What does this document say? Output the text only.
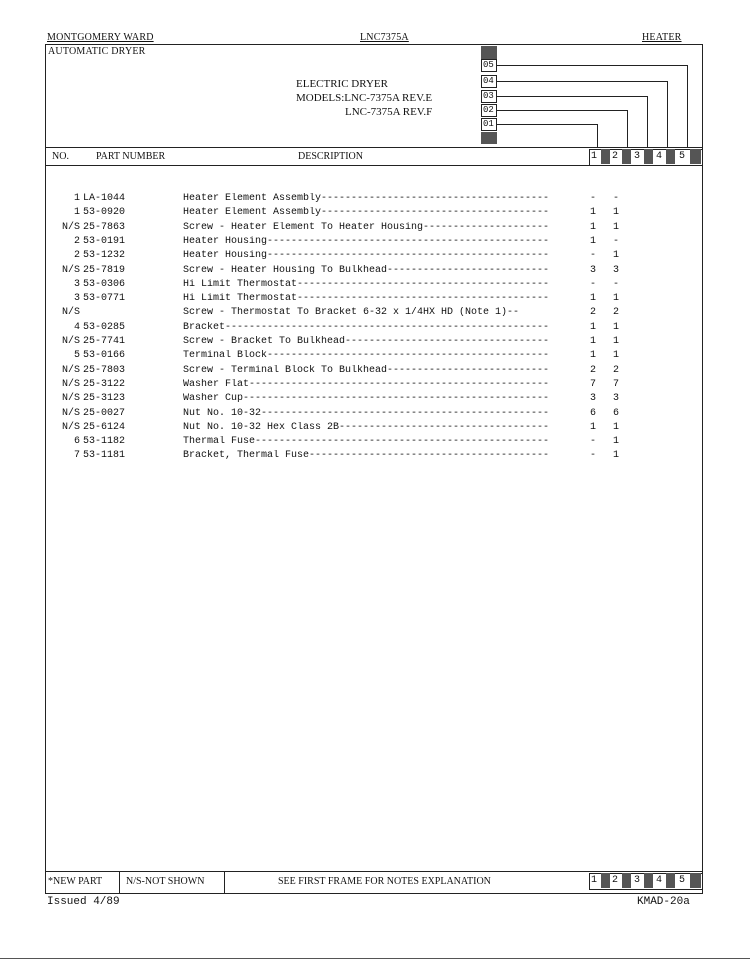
MONTGOMERY WARD	LNC7375A	HEATER
AUTOMATIC DRYER
ELECTRIC DRYER
MODELS:LNC-7375A REV.E
LNC-7375A REV.F
05
04
03
02
01
NO.	PART NUMBER	DESCRIPTION	1 2 3 4 5
1 LA-1044	Heater Element Assembly--------------------------------------	- -
1 53-0920	Heater Element Assembly--------------------------------------	1 1
N/S 25-7863	Screw - Heater Element To Heater Housing---------------------	1 1
2 53-0191	Heater Housing-----------------------------------------------	1 -
2 53-1232	Heater Housing-----------------------------------------------	- 1
N/S 25-7819	Screw - Heater Housing To Bulkhead---------------------------	3 3
3 53-0306	Hi Limit Thermostat------------------------------------------	- -
3 53-0771	Hi Limit Thermostat------------------------------------------	1 1
N/S	Screw - Thermostat To Bracket 6-32 x 1/4HX HD (Note 1)--	2 2
4 53-0285	Bracket------------------------------------------------------	1 1
N/S 25-7741	Screw - Bracket To Bulkhead----------------------------------	1 1
5 53-0166	Terminal Block-----------------------------------------------	1 1
N/S 25-7803	Screw - Terminal Block To Bulkhead---------------------------	2 2
N/S 25-3122	Washer Flat--------------------------------------------------	7 7
N/S 25-3123	Washer Cup---------------------------------------------------	3 3
N/S 25-0027	Nut No. 10-32------------------------------------------------	6 6
N/S 25-6124	Nut No. 10-32 Hex Class 2B-----------------------------------	1 1
6 53-1182	Thermal Fuse-------------------------------------------------	- 1
7 53-1181	Bracket, Thermal Fuse----------------------------------------	- 1
*NEW PART N/S-NOT SHOWN	SEE FIRST FRAME FOR NOTES EXPLANATION	1 2 3 4 5
Issued 4/89	KMAD-20a
